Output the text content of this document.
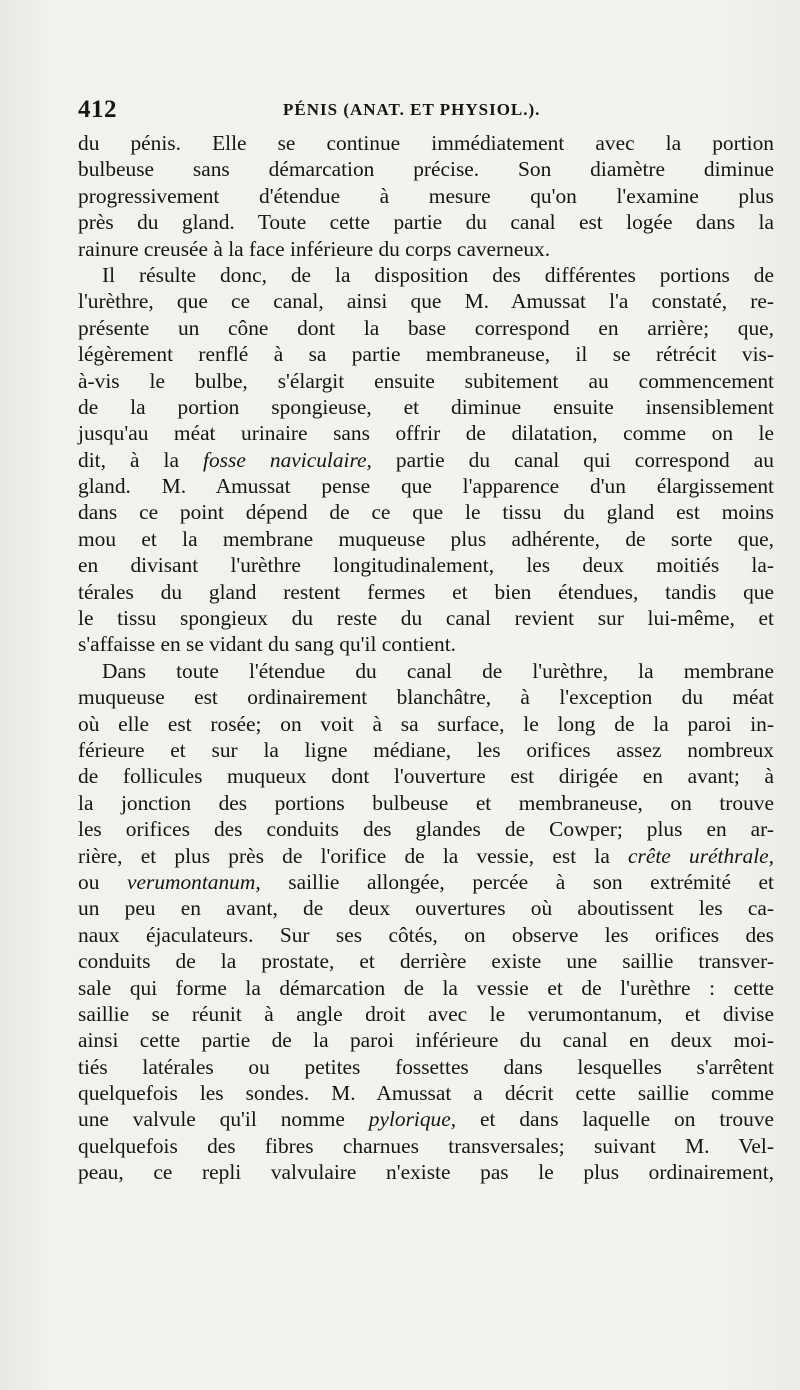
412	PÉNIS (ANAT. ET PHYSIOL.).
du pénis. Elle se continue immédiatement avec la portion
bulbeuse sans démarcation précise. Son diamètre diminue
progressivement d'étendue à mesure qu'on l'examine plus
près du gland. Toute cette partie du canal est logée dans la
rainure creusée à la face inférieure du corps caverneux.
Il résulte donc, de la disposition des différentes portions de
l'urèthre, que ce canal, ainsi que M. Amussat l'a constaté, re-
présente un cône dont la base correspond en arrière; que,
légèrement renflé à sa partie membraneuse, il se rétrécit vis-
à-vis le bulbe, s'élargit ensuite subitement au commencement
de la portion spongieuse, et diminue ensuite insensiblement
jusqu'au méat urinaire sans offrir de dilatation, comme on le
dit, à la fosse naviculaire, partie du canal qui correspond au
gland. M. Amussat pense que l'apparence d'un élargissement
dans ce point dépend de ce que le tissu du gland est moins
mou et la membrane muqueuse plus adhérente, de sorte que,
en divisant l'urèthre longitudinalement, les deux moitiés la-
térales du gland restent fermes et bien étendues, tandis que
le tissu spongieux du reste du canal revient sur lui-même, et
s'affaisse en se vidant du sang qu'il contient.
Dans toute l'étendue du canal de l'urèthre, la membrane
muqueuse est ordinairement blanchâtre, à l'exception du méat
où elle est rosée; on voit à sa surface, le long de la paroi in-
férieure et sur la ligne médiane, les orifices assez nombreux
de follicules muqueux dont l'ouverture est dirigée en avant; à
la jonction des portions bulbeuse et membraneuse, on trouve
les orifices des conduits des glandes de Cowper; plus en ar-
rière, et plus près de l'orifice de la vessie, est la crête uréthrale,
ou verumontanum, saillie allongée, percée à son extrémité et
un peu en avant, de deux ouvertures où aboutissent les ca-
naux éjaculateurs. Sur ses côtés, on observe les orifices des
conduits de la prostate, et derrière existe une saillie transver-
sale qui forme la démarcation de la vessie et de l'urèthre : cette
saillie se réunit à angle droit avec le verumontanum, et divise
ainsi cette partie de la paroi inférieure du canal en deux moi-
tiés latérales ou petites fossettes dans lesquelles s'arrêtent
quelquefois les sondes. M. Amussat a décrit cette saillie comme
une valvule qu'il nomme pylorique, et dans laquelle on trouve
quelquefois des fibres charnues transversales; suivant M. Vel-
peau, ce repli valvulaire n'existe pas le plus ordinairement,
